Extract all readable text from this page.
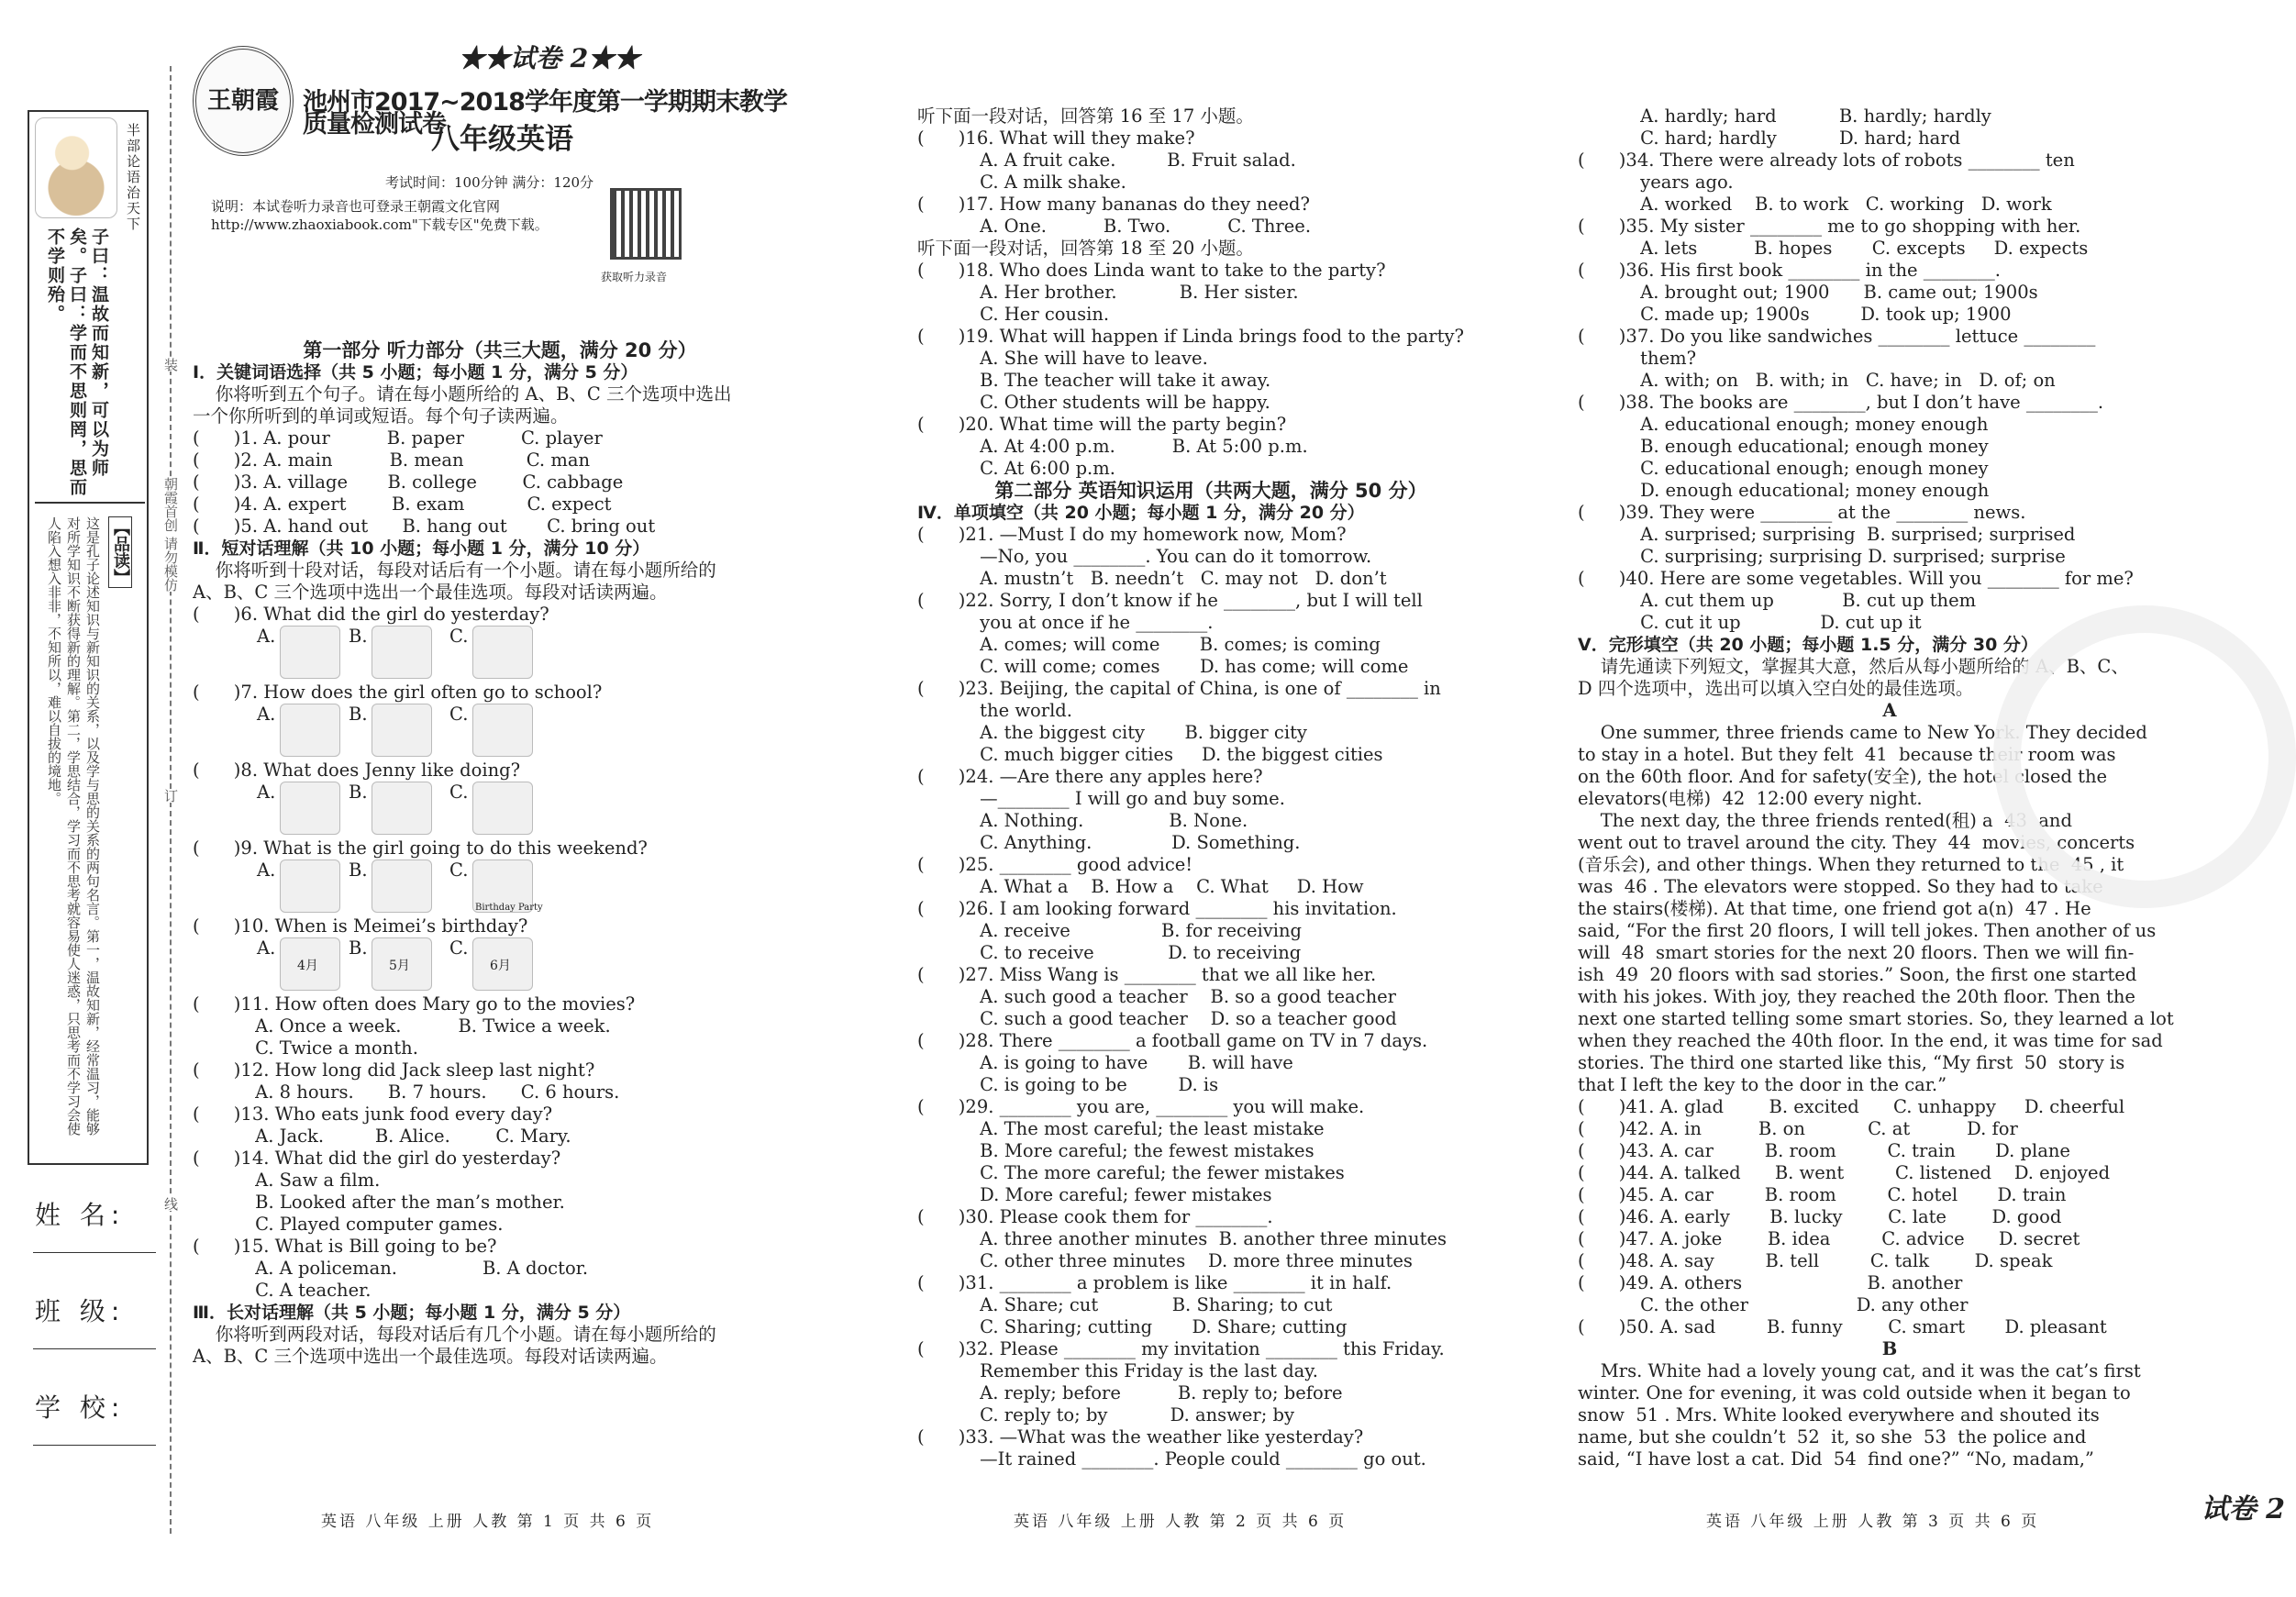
半部论语治天下
子曰：温故而知新，可以为师矣。子曰：学而不思则罔，思而不学则殆。
【品读】
这是孔子论述知识与新知识的关系，以及学与思的关系的两句名言。第一，温故知新，经常温习，能够对所学知识不断获得新的理解。第二，学思结合，学习而不思考就容易使人迷惑，只思考而不学习会使人陷入想入非非，不知所以，难以自拔的境地。
姓 名:
班 级:
学 校:
装
朝霞首创 请勿模仿
订
线
王朝霞
★★试卷 2★★
池州市2017~2018学年度第一学期期末教学质量检测试卷
八年级英语
考试时间：100分钟 满分：120分
说明：本试卷听力录音也可登录王朝霞文化官网http://www.zhaoxiabook.com"下载专区"免费下载。
获取听力录音
第一部分 听力部分（共三大题，满分 20 分）
Ⅰ．关键词语选择（共 5 小题；每小题 1 分，满分 5 分）
你将听到五个句子。请在每小题所给的 A、B、C 三个选项中选出
一个你所听到的单词或短语。每个句子读两遍。
(      )1. A. pour          B. paper          C. player
(      )2. A. main          B. mean           C. man
(      )3. A. village       B. college        C. cabbage
(      )4. A. expert        B. exam           C. expect
(      )5. A. hand out      B. hang out       C. bring out
Ⅱ．短对话理解（共 10 小题；每小题 1 分，满分 10 分）
你将听到十段对话，每段对话后有一个小题。请在每小题所给的
A、B、C 三个选项中选出一个最佳选项。每段对话读两遍。
(      )6. What did the girl do yesterday?
A.	B.	C.
(      )7. How does the girl often go to school?
A.	B.	C.
(      )8. What does Jenny like doing?
A.	B.	C.
(      )9. What is the girl going to do this weekend?
A.	B.	C.
Birthday Party
(      )10. When is Meimei’s birthday?
A.
4月
B.
5月
C.
6月
(      )11. How often does Mary go to the movies?
A. Once a week.          B. Twice a week.
C. Twice a month.
(      )12. How long did Jack sleep last night?
A. 8 hours.      B. 7 hours.      C. 6 hours.
(      )13. Who eats junk food every day?
A. Jack.         B. Alice.        C. Mary.
(      )14. What did the girl do yesterday?
A. Saw a film.
B. Looked after the man’s mother.
C. Played computer games.
(      )15. What is Bill going to be?
A. A policeman.               B. A doctor.
C. A teacher.
Ⅲ．长对话理解（共 5 小题；每小题 1 分，满分 5 分）
你将听到两段对话，每段对话后有几个小题。请在每小题所给的
A、B、C 三个选项中选出一个最佳选项。每段对话读两遍。
听下面一段对话，回答第 16 至 17 小题。
(      )16. What will they make?
A. A fruit cake.         B. Fruit salad.
C. A milk shake.
(      )17. How many bananas do they need?
A. One.          B. Two.          C. Three.
听下面一段对话，回答第 18 至 20 小题。
(      )18. Who does Linda want to take to the party?
A. Her brother.           B. Her sister.
C. Her cousin.
(      )19. What will happen if Linda brings food to the party?
A. She will have to leave.
B. The teacher will take it away.
C. Other students will be happy.
(      )20. What time will the party begin?
A. At 4:00 p.m.          B. At 5:00 p.m.
C. At 6:00 p.m.
第二部分 英语知识运用（共两大题，满分 50 分）
Ⅳ．单项填空（共 20 小题；每小题 1 分，满分 20 分）
(      )21. —Must I do my homework now, Mom?
—No, you ________. You can do it tomorrow.
A. mustn’t   B. needn’t   C. may not   D. don’t
(      )22. Sorry, I don’t know if he ________, but I will tell
you at once if he ________.
A. comes; will come       B. comes; is coming
C. will come; comes       D. has come; will come
(      )23. Beijing, the capital of China, is one of ________ in
the world.
A. the biggest city       B. bigger city
C. much bigger cities     D. the biggest cities
(      )24. —Are there any apples here?
—________ I will go and buy some.
A. Nothing.               B. None.
C. Anything.              D. Something.
(      )25. ________ good advice!
A. What a    B. How a    C. What     D. How
(      )26. I am looking forward ________ his invitation.
A. receive                B. for receiving
C. to receive             D. to receiving
(      )27. Miss Wang is ________ that we all like her.
A. such good a teacher    B. so a good teacher
C. such a good teacher    D. so a teacher good
(      )28. There ________ a football game on TV in 7 days.
A. is going to have       B. will have
C. is going to be         D. is
(      )29. ________ you are, ________ you will make.
A. The most careful; the least mistake
B. More careful; the fewest mistakes
C. The more careful; the fewer mistakes
D. More careful; fewer mistakes
(      )30. Please cook them for ________.
A. three another minutes  B. another three minutes
C. other three minutes    D. more three minutes
(      )31. ________ a problem is like ________ it in half.
A. Share; cut             B. Sharing; to cut
C. Sharing; cutting       D. Share; cutting
(      )32. Please ________ my invitation ________ this Friday.
Remember this Friday is the last day.
A. reply; before          B. reply to; before
C. reply to; by           D. answer; by
(      )33. —What was the weather like yesterday?
—It rained ________. People could ________ go out.
A. hardly; hard           B. hardly; hardly
C. hard; hardly           D. hard; hard
(      )34. There were already lots of robots ________ ten
years ago.
A. worked    B. to work   C. working   D. work
(      )35. My sister ________ me to go shopping with her.
A. lets          B. hopes       C. excepts     D. expects
(      )36. His first book ________ in the ________.
A. brought out; 1900      B. came out; 1900s
C. made up; 1900s         D. took up; 1900
(      )37. Do you like sandwiches ________ lettuce ________
them?
A. with; on   B. with; in   C. have; in   D. of; on
(      )38. The books are ________, but I don’t have ________.
A. educational enough; money enough
B. enough educational; enough money
C. educational enough; enough money
D. enough educational; money enough
(      )39. They were ________ at the ________ news.
A. surprised; surprising  B. surprised; surprised
C. surprising; surprising D. surprised; surprise
(      )40. Here are some vegetables. Will you ________ for me?
A. cut them up            B. cut up them
C. cut it up              D. cut up it
Ⅴ．完形填空（共 20 小题；每小题 1.5 分，满分 30 分）
请先通读下列短文，掌握其大意，然后从每小题所给的 A、B、C、
D 四个选项中，选出可以填入空白处的最佳选项。
A
One summer, three friends came to New York. They decided
to stay in a hotel. But they felt  41  because their room was
on the 60th floor. And for safety(安全), the hotel closed the
elevators(电梯)  42  12:00 every night.
The next day, the three friends rented(租) a  43  and
went out to travel around the city. They  44  movies, concerts
(音乐会), and other things. When they returned to the  45 , it
was  46 . The elevators were stopped. So they had to take
the stairs(楼梯). At that time, one friend got a(n)  47 . He
said, “For the first 20 floors, I will tell jokes. Then another of us
will  48  smart stories for the next 20 floors. Then we will fin-
ish  49  20 floors with sad stories.” Soon, the first one started
with his jokes. With joy, they reached the 20th floor. Then the
next one started telling some smart stories. So, they learned a lot
when they reached the 40th floor. In the end, it was time for sad
stories. The third one started like this, “My first  50  story is
that I left the key to the door in the car.”
(      )41. A. glad        B. excited      C. unhappy     D. cheerful
(      )42. A. in          B. on           C. at          D. for
(      )43. A. car         B. room         C. train       D. plane
(      )44. A. talked      B. went         C. listened    D. enjoyed
(      )45. A. car         B. room         C. hotel       D. train
(      )46. A. early       B. lucky        C. late        D. good
(      )47. A. joke        B. idea         C. advice      D. secret
(      )48. A. say         B. tell         C. talk        D. speak
(      )49. A. others                      B. another
C. the other                   D. any other
(      )50. A. sad         B. funny        C. smart       D. pleasant
B
Mrs. White had a lovely young cat, and it was the cat’s first
winter. One for evening, it was cold outside when it began to
snow  51 . Mrs. White looked everywhere and shouted its
name, but she couldn’t  52  it, so she  53  the police and
said, “I have lost a cat. Did  54  find one?” “No, madam,”
英语 八年级 上册 人教 第 1 页 共 6 页	英语 八年级 上册 人教 第 2 页 共 6 页	英语 八年级 上册 人教 第 3 页 共 6 页	试卷 2
